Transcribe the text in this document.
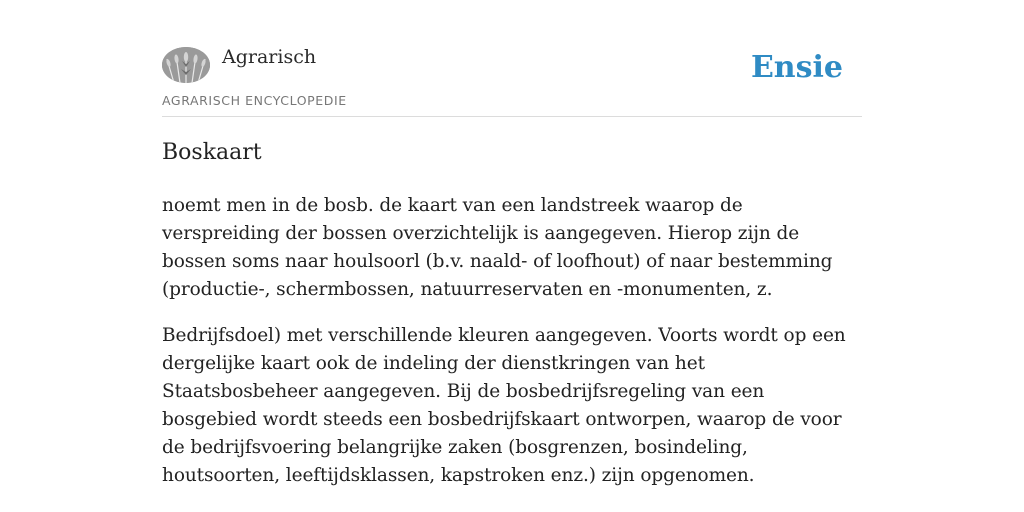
Agrarisch
AGRARISCH ENCYCLOPEDIE
Ensie
Boskaart

noemt men in de bosb. de kaart van een landstreek waarop de verspreiding der bossen overzichtelijk is aangegeven. Hierop zijn de bossen soms naar houlsoorl (b.v. naald- of loofhout) of naar bestemming (productie-, schermbossen, natuurreservaten en -monumenten, z.

Bedrijfsdoel) met verschillende kleuren aangegeven. Voorts wordt op een dergelijke kaart ook de indeling der dienstkringen van het Staatsbosbeheer aangegeven. Bij de bosbedrijfsregeling van een bosgebied wordt steeds een bosbedrijfskaart ontworpen, waarop de voor de bedrijfsvoering belangrijke zaken (bosgrenzen, bosindeling, houtsoorten, leeftijdsklassen, kapstroken enz.) zijn opgenomen.
